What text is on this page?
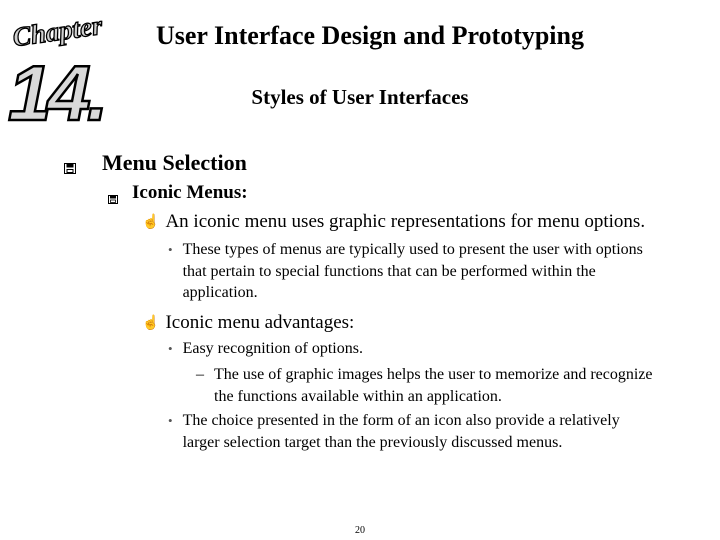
Chapter
14.
User Interface Design and Prototyping
Styles of User Interfaces
Menu Selection
Iconic Menus:
☝ An iconic menu uses graphic representations for menu options.
• These types of menus are typically used to present the user with options that pertain to special functions that can be performed within the application.
☝ Iconic menu advantages:
• Easy recognition of options.
– The use of graphic images helps the user to memorize and recognize the functions available within an application.
• The choice presented in the form of an icon also provide a relatively larger selection target than the previously discussed menus.
20
